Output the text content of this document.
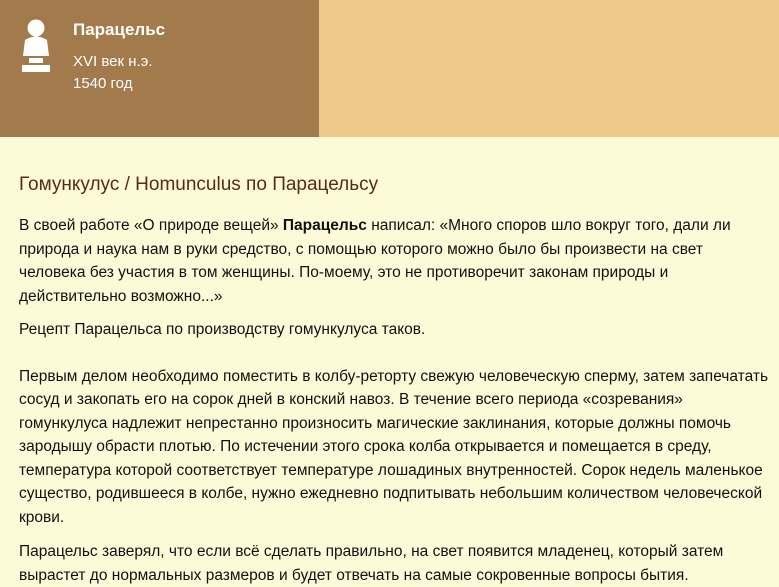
Парацельс
XVI век н.э.
1540 год
Гомункулус / Homunculus по Парацельсу

В своей работе «О природе вещей» Парацельс написал: «Много споров шло вокруг того, дали ли природа и наука нам в руки средство, с помощью которого можно было бы произвести на свет человека без участия в том женщины. По-моему, это не противоречит законам природы и действительно возможно...»

Рецепт Парацельса по производству гомункулуса таков.

Первым делом необходимо поместить в колбу-реторту свежую человеческую сперму, затем запечатать сосуд и закопать его на сорок дней в конский навоз. В течение всего периода «созревания» гомункулуса надлежит непрестанно произносить магические заклинания, которые должны помочь зародышу обрасти плотью. По истечении этого срока колба открывается и помещается в среду, температура которой соответствует температуре лошадиных внутренностей. Сорок недель маленькое существо, родившееся в колбе, нужно ежедневно подпитывать небольшим количеством человеческой крови.

Парацельс заверял, что если всё сделать правильно, на свет появится младенец, который затем вырастет до нормальных размеров и будет отвечать на самые сокровенные вопросы бытия.
